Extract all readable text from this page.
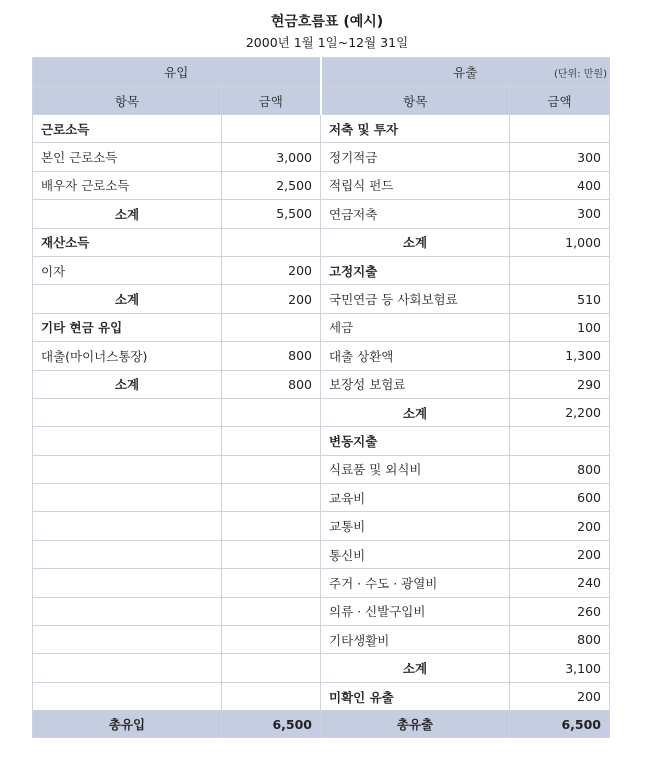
현금흐름표 (예시)
2000년 1월 1일~12월 31일
유입		유출 (단위: 만원)	

항목	금액	항목	금액
근로소득		저축 및 투자	
본인 근로소득	3,000	정기적금	300
배우자 근로소득	2,500	적립식 펀드	400
소계	5,500	연금저축	300
재산소득		소계	1,000
이자	200	고정지출	
소계	200	국민연금 등 사회보험료	510
기타 현금 유입		세금	100
대출(마이너스통장)	800	대출 상환액	1,300
소계	800	보장성 보험료	290
		소계	2,200
		변동지출	
		식료품 및 외식비	800
		교육비	600
		교통비	200
		통신비	200
		주거 · 수도 · 광열비	240
		의류 · 신발구입비	260
		기타생활비	800
		소계	3,100
		미확인 유출	200
총유입	6,500	총유출	6,500
